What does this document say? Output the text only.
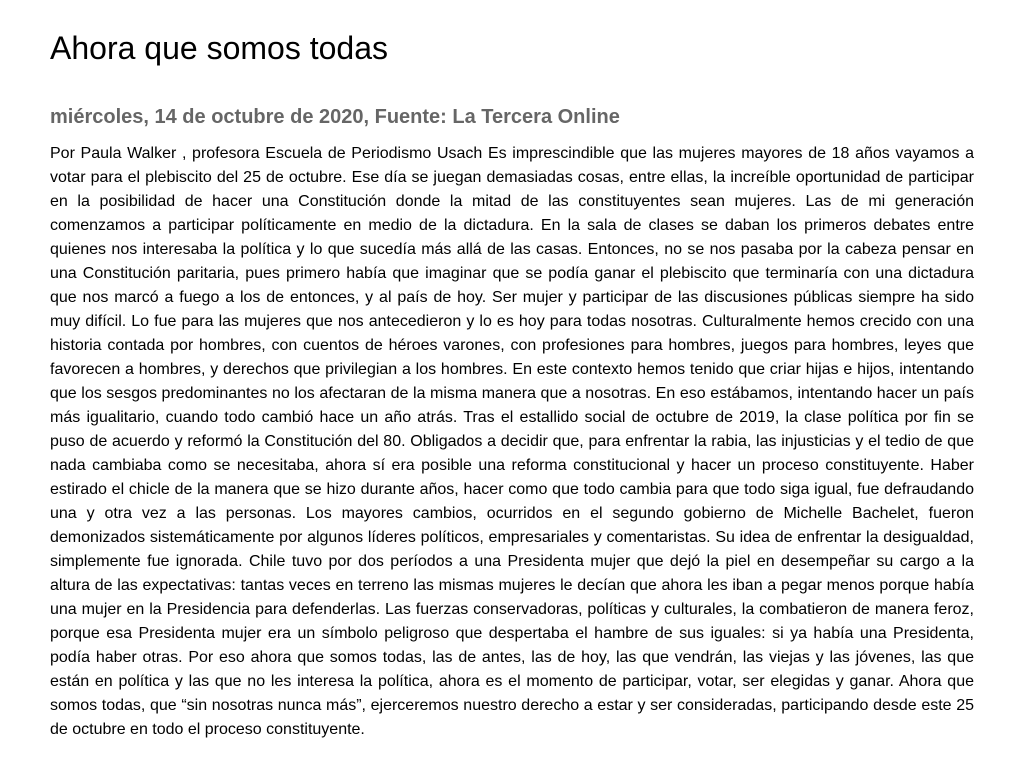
Ahora que somos todas
miércoles, 14 de octubre de 2020, Fuente: La Tercera Online
Por Paula Walker , profesora Escuela de Periodismo Usach Es imprescindible que las mujeres mayores de 18 años vayamos a votar para el plebiscito del 25 de octubre. Ese día se juegan demasiadas cosas, entre ellas, la increíble oportunidad de participar en la posibilidad de hacer una Constitución donde la mitad de las constituyentes sean mujeres. Las de mi generación comenzamos a participar políticamente en medio de la dictadura. En la sala de clases se daban los primeros debates entre quienes nos interesaba la política y lo que sucedía más allá de las casas. Entonces, no se nos pasaba por la cabeza pensar en una Constitución paritaria, pues primero había que imaginar que se podía ganar el plebiscito que terminaría con una dictadura que nos marcó a fuego a los de entonces, y al país de hoy. Ser mujer y participar de las discusiones públicas siempre ha sido muy difícil. Lo fue para las mujeres que nos antecedieron y lo es hoy para todas nosotras. Culturalmente hemos crecido con una historia contada por hombres, con cuentos de héroes varones, con profesiones para hombres, juegos para hombres, leyes que favorecen a hombres, y derechos que privilegian a los hombres. En este contexto hemos tenido que criar hijas e hijos, intentando que los sesgos predominantes no los afectaran de la misma manera que a nosotras. En eso estábamos, intentando hacer un país más igualitario, cuando todo cambió hace un año atrás. Tras el estallido social de octubre de 2019, la clase política por fin se puso de acuerdo y reformó la Constitución del 80. Obligados a decidir que, para enfrentar la rabia, las injusticias y el tedio de que nada cambiaba como se necesitaba, ahora sí era posible una reforma constitucional y hacer un proceso constituyente. Haber estirado el chicle de la manera que se hizo durante años, hacer como que todo cambia para que todo siga igual, fue defraudando una y otra vez a las personas. Los mayores cambios, ocurridos en el segundo gobierno de Michelle Bachelet, fueron demonizados sistemáticamente por algunos líderes políticos, empresariales y comentaristas. Su idea de enfrentar la desigualdad, simplemente fue ignorada. Chile tuvo por dos períodos a una Presidenta mujer que dejó la piel en desempeñar su cargo a la altura de las expectativas: tantas veces en terreno las mismas mujeres le decían que ahora les iban a pegar menos porque había una mujer en la Presidencia para defenderlas. Las fuerzas conservadoras, políticas y culturales, la combatieron de manera feroz, porque esa Presidenta mujer era un símbolo peligroso que despertaba el hambre de sus iguales: si ya había una Presidenta, podía haber otras. Por eso ahora que somos todas, las de antes, las de hoy, las que vendrán, las viejas y las jóvenes, las que están en política y las que no les interesa la política, ahora es el momento de participar, votar, ser elegidas y ganar. Ahora que somos todas, que “sin nosotras nunca más”, ejerceremos nuestro derecho a estar y ser consideradas, participando desde este 25 de octubre en todo el proceso constituyente.
